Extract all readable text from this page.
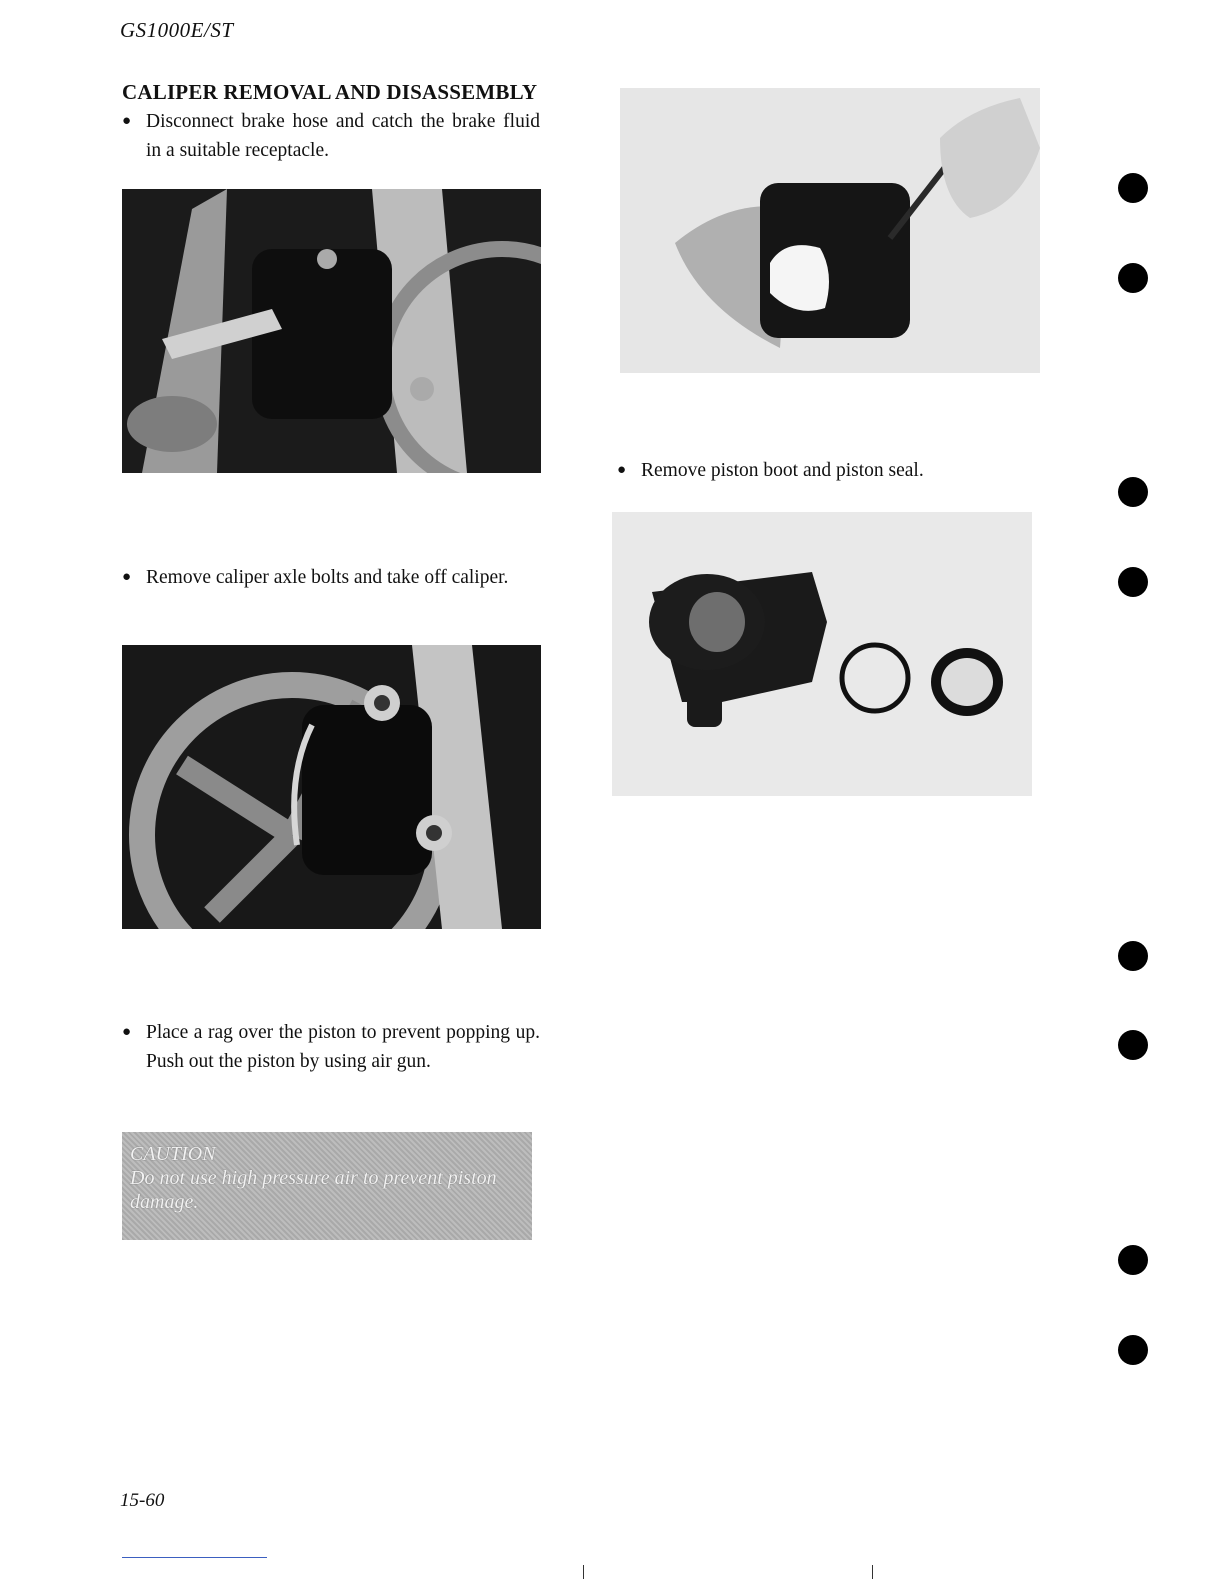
GS1000E/ST
CALIPER REMOVAL AND DISASSEMBLY
● Disconnect brake hose and catch the brake fluid in a suitable receptacle.
● Remove caliper axle bolts and take off caliper.
● Place a rag over the piston to prevent popping up. Push out the piston by using air gun.
CAUTION
Do not use high pressure air to prevent piston damage.
● Remove piston boot and piston seal.
15-60
